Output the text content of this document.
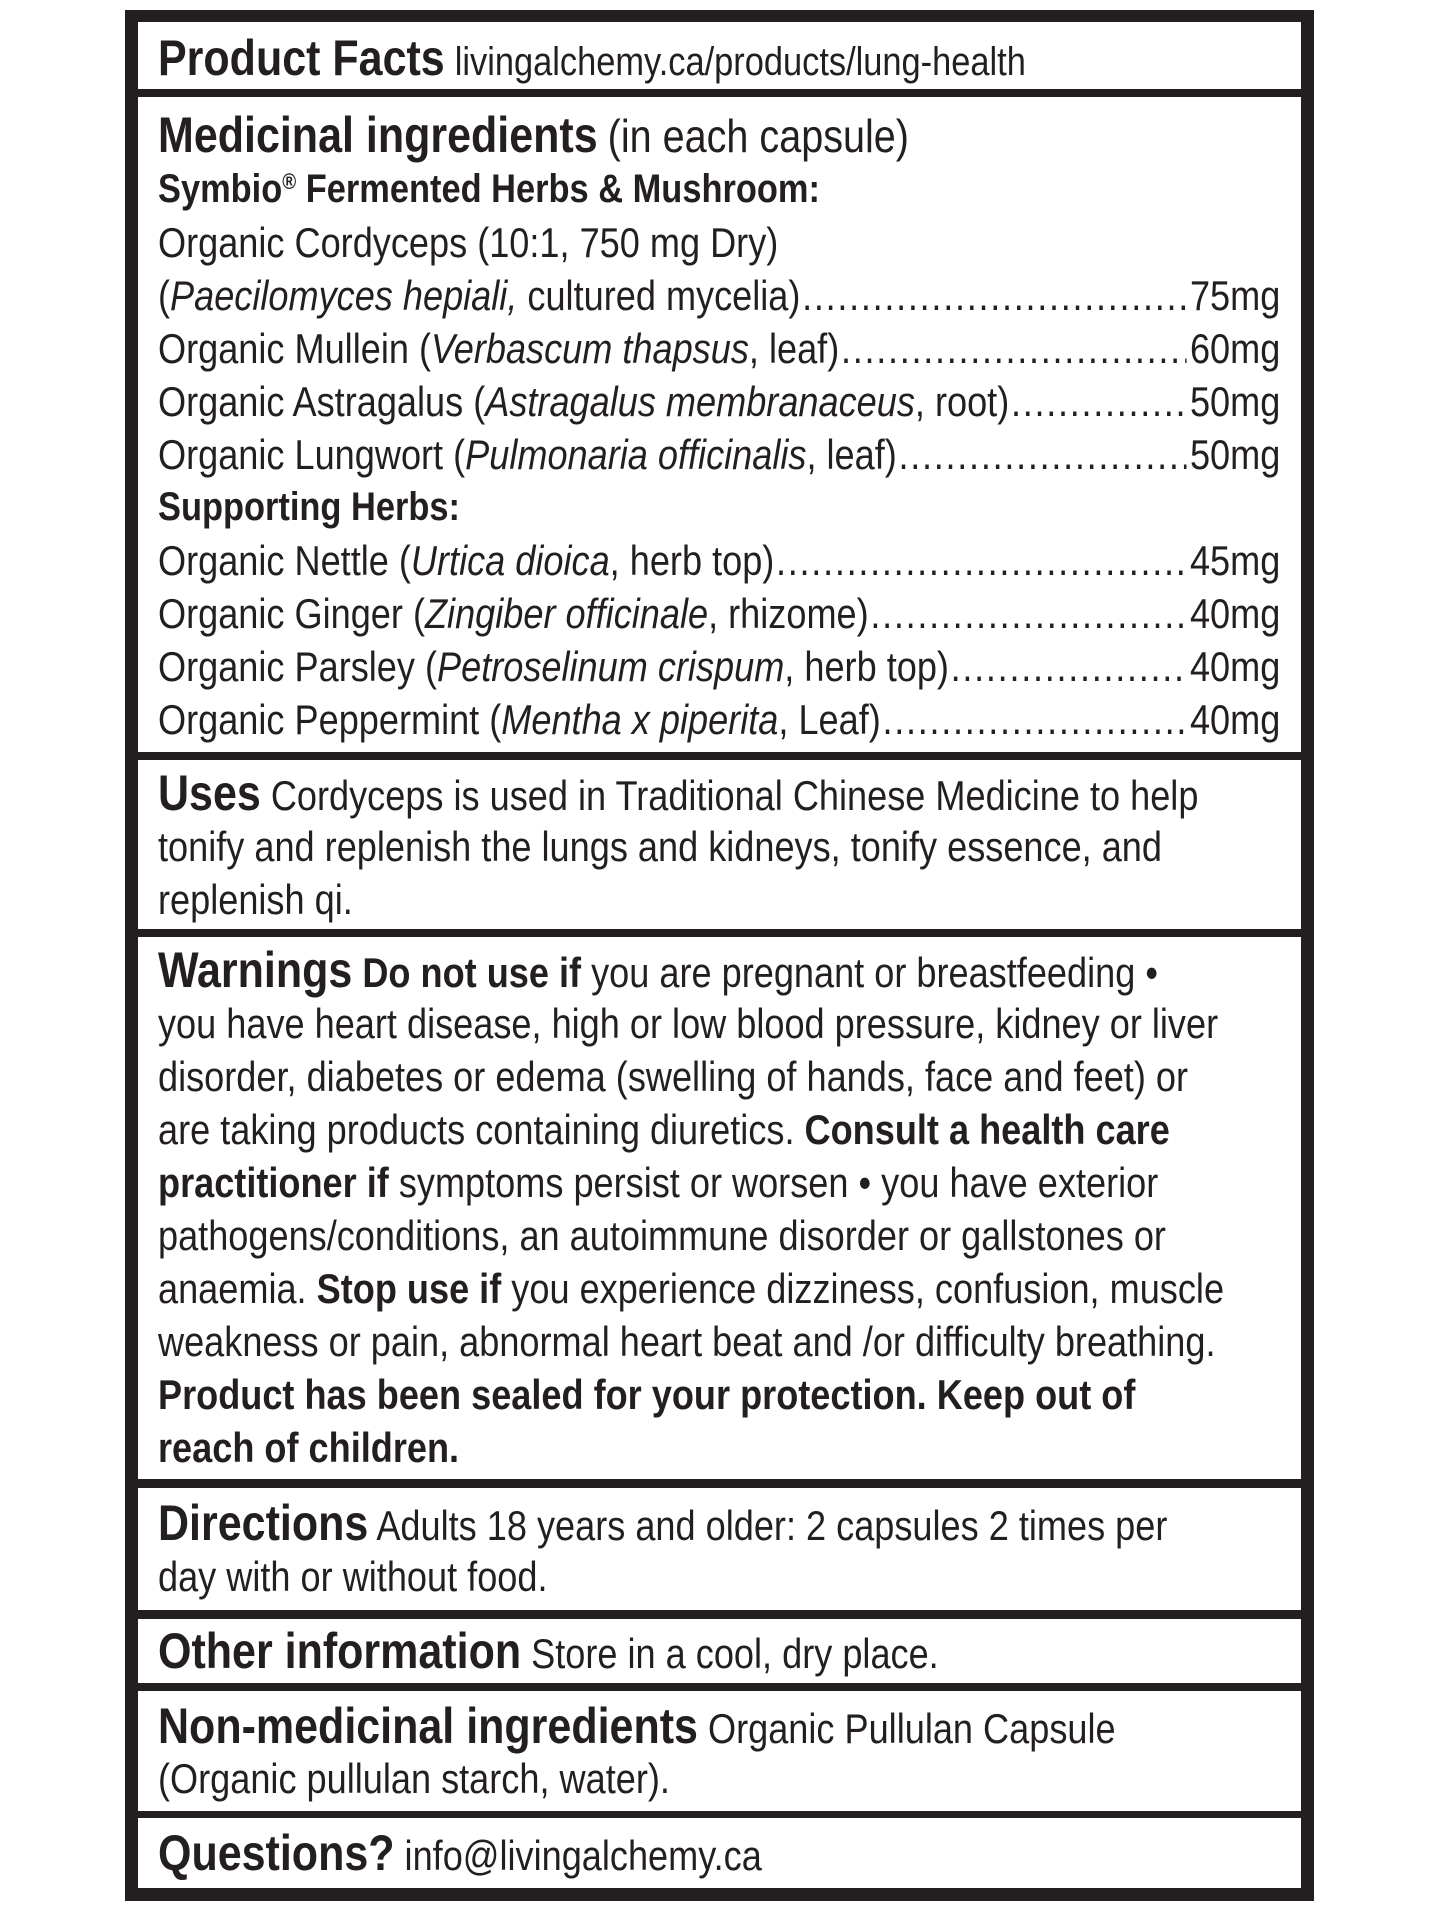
Product Facts livingalchemy.ca/products/lung-health
Medicinal ingredients (in each capsule)
Symbio® Fermented Herbs & Mushroom:
Organic Cordyceps (10:1, 750 mg Dry)
(Paecilomyces hepiali, cultured mycelia) .....	75mg
Organic Mullein (Verbascum thapsus, leaf) .....	60mg
Organic Astragalus (Astragalus membranaceus, root) .....	50mg
Organic Lungwort (Pulmonaria officinalis, leaf) .....	50mg
Supporting Herbs:
Organic Nettle (Urtica dioica, herb top) .....	45mg
Organic Ginger (Zingiber officinale, rhizome) .....	40mg
Organic Parsley (Petroselinum crispum, herb top) .....	40mg
Organic Peppermint (Mentha x piperita, Leaf) .....	40mg
Uses Cordyceps is used in Traditional Chinese Medicine to help
tonify and replenish the lungs and kidneys, tonify essence, and
replenish qi.
Warnings Do not use if you are pregnant or breastfeeding •
you have heart disease, high or low blood pressure, kidney or liver
disorder, diabetes or edema (swelling of hands, face and feet) or
are taking products containing diuretics. Consult a health care
practitioner if symptoms persist or worsen • you have exterior
pathogens/conditions, an autoimmune disorder or gallstones or
anaemia. Stop use if you experience dizziness, confusion, muscle
weakness or pain, abnormal heart beat and /or difficulty breathing.
Product has been sealed for your protection. Keep out of
reach of children.
Directions Adults 18 years and older: 2 capsules 2 times per
day with or without food.
Other information Store in a cool, dry place.
Non-medicinal ingredients Organic Pullulan Capsule
(Organic pullulan starch, water).
Questions? info@livingalchemy.ca
